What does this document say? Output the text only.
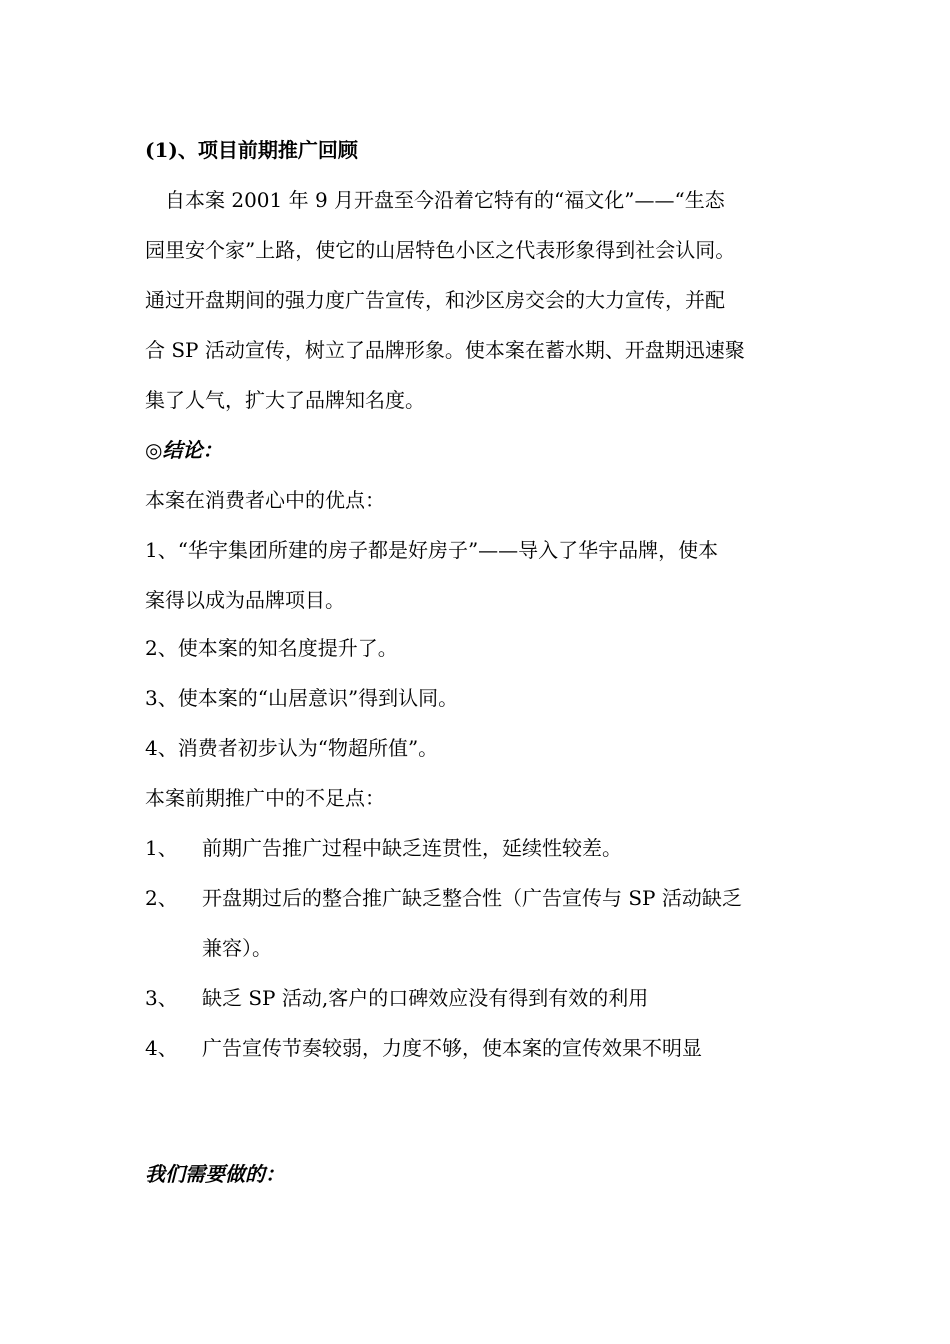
(1)、项目前期推广回顾
自本案 2001 年 9 月开盘至今沿着它特有的“福文化”——“生态
园里安个家”上路，使它的山居特色小区之代表形象得到社会认同。
通过开盘期间的强力度广告宣传，和沙区房交会的大力宣传，并配
合 SP 活动宣传，树立了品牌形象。使本案在蓄水期、开盘期迅速聚
集了人气，扩大了品牌知名度。
◎结论：
本案在消费者心中的优点：
1、“华宇集团所建的房子都是好房子”——导入了华宇品牌，使本
案得以成为品牌项目。
2、使本案的知名度提升了。
3、使本案的“山居意识”得到认同。
4、消费者初步认为“物超所值”。
本案前期推广中的不足点：
1、 前期广告推广过程中缺乏连贯性，延续性较差。
2、 开盘期过后的整合推广缺乏整合性（广告宣传与 SP 活动缺乏
兼容）。
3、 缺乏 SP 活动,客户的口碑效应没有得到有效的利用
4、 广告宣传节奏较弱，力度不够，使本案的宣传效果不明显
我们需要做的：
